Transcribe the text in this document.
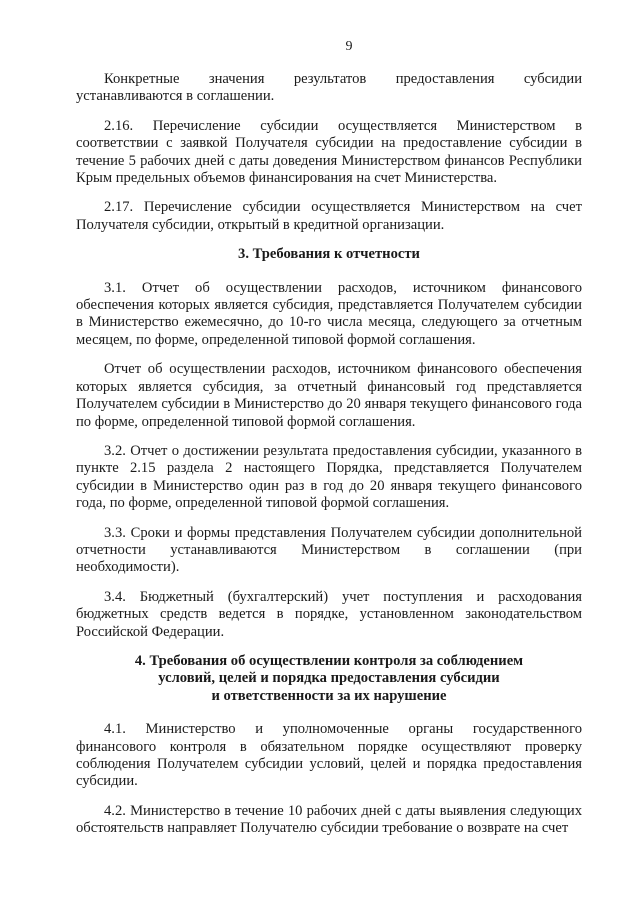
9

Конкретные значения результатов предоставления субсидии устанавливаются в соглашении.

2.16. Перечисление субсидии осуществляется Министерством в соответствии с заявкой Получателя субсидии на предоставление субсидии в течение 5 рабочих дней с даты доведения Министерством финансов Республики Крым предельных объемов финансирования на счет Министерства.

2.17. Перечисление субсидии осуществляется Министерством на счет Получателя субсидии, открытый в кредитной организации.

3. Требования к отчетности

3.1. Отчет об осуществлении расходов, источником финансового обеспечения которых является субсидия, представляется Получателем субсидии в Министерство ежемесячно, до 10-го числа месяца, следующего за отчетным месяцем, по форме, определенной типовой формой соглашения.

Отчет об осуществлении расходов, источником финансового обеспечения которых является субсидия, за отчетный финансовый год представляется Получателем субсидии в Министерство до 20 января текущего финансового года по форме, определенной типовой формой соглашения.

3.2. Отчет о достижении результата предоставления субсидии, указанного в пункте 2.15 раздела 2 настоящего Порядка, представляется Получателем субсидии в Министерство один раз в год до 20 января текущего финансового года, по форме, определенной типовой формой соглашения.

3.3. Сроки и формы представления Получателем субсидии дополнительной отчетности устанавливаются Министерством в соглашении (при необходимости).

3.4. Бюджетный (бухгалтерский) учет поступления и расходования бюджетных средств ведется в порядке, установленном законодательством Российской Федерации.

4. Требования об осуществлении контроля за соблюдением
условий, целей и порядка предоставления субсидии
и ответственности за их нарушение

4.1. Министерство и уполномоченные органы государственного финансового контроля в обязательном порядке осуществляют проверку соблюдения Получателем субсидии условий, целей и порядка предоставления субсидии.

4.2. Министерство в течение 10 рабочих дней с даты выявления следующих обстоятельств направляет Получателю субсидии требование о возврате на счет
